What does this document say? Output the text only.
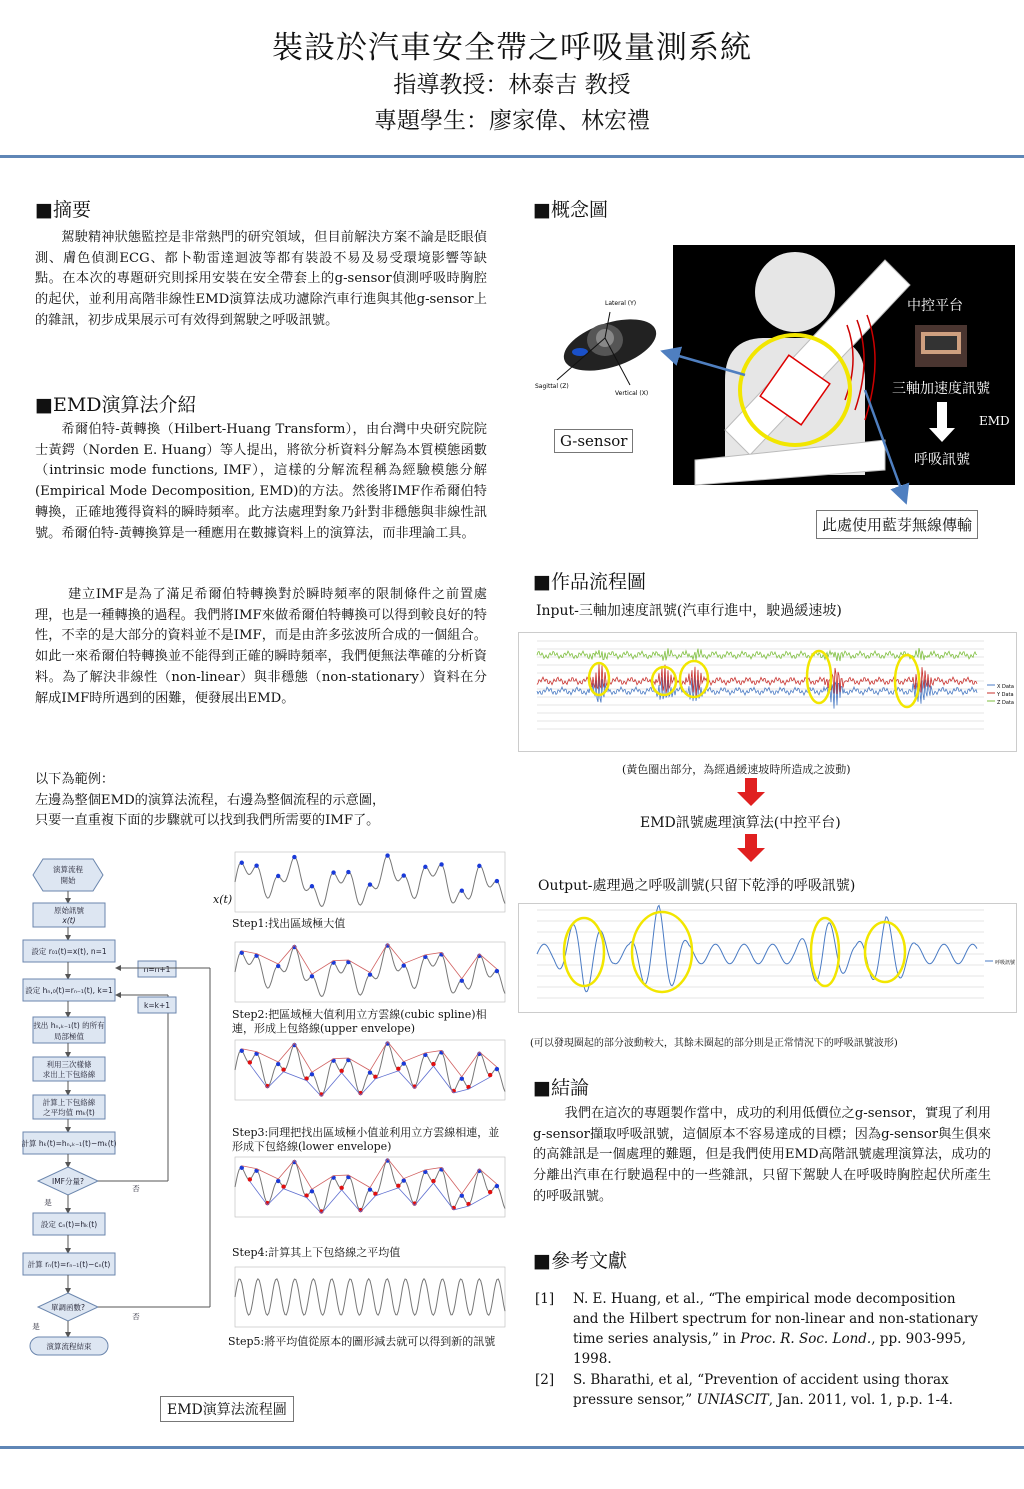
裝設於汽車安全帶之呼吸量測系統
指導教授：林泰吉 教授
專題學生：廖家偉、林宏禮
■摘要
駕駛精神狀態監控是非常熱門的研究領域，但目前解決方案不論是眨眼偵測、膚色偵測ECG、都卜勒雷達迴波等都有裝設不易及易受環境影響等缺點。在本次的專題研究則採用安裝在安全帶套上的g-sensor偵測呼吸時胸腔的起伏，並利用高階非線性EMD演算法成功濾除汽車行進與其他g-sensor上的雜訊，初步成果展示可有效得到駕駛之呼吸訊號。
■EMD演算法介紹
希爾伯特-黃轉換（Hilbert-Huang Transform），由台灣中央研究院院士黃鍔（Norden E. Huang）等人提出，將欲分析資料分解為本質模態函數（intrinsic mode functions, IMF），這樣的分解流程稱為經驗模態分解(Empirical Mode Decomposition, EMD)的方法。然後將IMF作希爾伯特轉換，正確地獲得資料的瞬時頻率。此方法處理對象乃針對非穩態與非線性訊號。希爾伯特-黃轉換算是一種應用在數據資料上的演算法，而非理論工具。
建立IMF是為了滿足希爾伯特轉換對於瞬時頻率的限制條件之前置處理，也是一種轉換的過程。我們將IMF來做希爾伯特轉換可以得到較良好的特性，不幸的是大部分的資料並不是IMF，而是由許多弦波所合成的一個組合。如此一來希爾伯特轉換並不能得到正確的瞬時頻率，我們便無法準確的分析資料。為了解決非線性（non-linear）與非穩態（non-stationary）資料在分解成IMF時所遇到的困難，便發展出EMD。
以下為範例：
左邊為整個EMD的演算法流程，右邊為整個流程的示意圖，
只要一直重複下面的步驟就可以找到我們所需要的IMF了。
演算流程
開始
原始訊號
x(t)
設定 r₀₁(t)=x(t), n=1
設定 hₙ,₀(t)=rₙ₋₁(t), k=1
找出 hₙ,ₖ₋₁(t) 的所有
局部極值
利用三次樣條
求出上下包絡線
計算上下包絡線
之平均值 mₖ(t)
計算 hₖ(t)=hₙ,ₖ₋₁(t)−mₖ(t)
IMF分量?
是
否
k=k+1
設定 cₙ(t)=hₖ(t)
計算 rₙ(t)=rₙ₋₁(t)−cₙ(t)
單調函數?
否
n=n+1
是
演算流程結束
EMD演算法流程圖
x(t)
Step1:找出區域極大值
Step2:把區域極大值利用立方雲線(cubic spline)相連，形成上包絡線(upper envelope)
Step3:同理把找出區域極小值並利用立方雲線相連，並形成下包絡線(lower envelope)
Step4:計算其上下包絡線之平均值
Step5:將平均值從原本的圖形減去就可以得到新的訊號
■概念圖
Lateral (Y)
Sagittal (Z)
Vertical (X)
中控平台
三軸加速度訊號
EMD
呼吸訊號
G-sensor
此處使用藍芽無線傳輸
■作品流程圖
Input-三軸加速度訊號(汽車行進中，駛過緩速坡)
X Data
Y Data
Z Data
(黃色圈出部分，為經過緩速坡時所造成之波動)
EMD訊號處理演算法(中控平台)
Output-處理過之呼吸訓號(只留下乾淨的呼吸訊號)
呼吸訊號
(可以發現圈起的部分波動較大，其餘未圈起的部分則是正常情況下的呼吸訊號波形)
■結論
我們在這次的專題製作當中，成功的利用低價位之g-sensor，實現了利用g-sensor擷取呼吸訊號，這個原本不容易達成的目標；因為g-sensor與生俱來的高雜訊是一個處理的難題，但是我們使用EMD高階訊號處理演算法，成功的分離出汽車在行駛過程中的一些雜訊，只留下駕駛人在呼吸時胸腔起伏所產生的呼吸訊號。
■參考文獻
[1] N. E. Huang, et al., “The empirical mode decomposition and the Hilbert spectrum for non-linear and non-stationary time series analysis,” in Proc. R. Soc. Lond., pp. 903-995, 1998.
[2] S. Bharathi, et al, “Prevention of accident using thorax pressure sensor,” UNIASCIT, Jan. 2011, vol. 1, p.p. 1-4.
